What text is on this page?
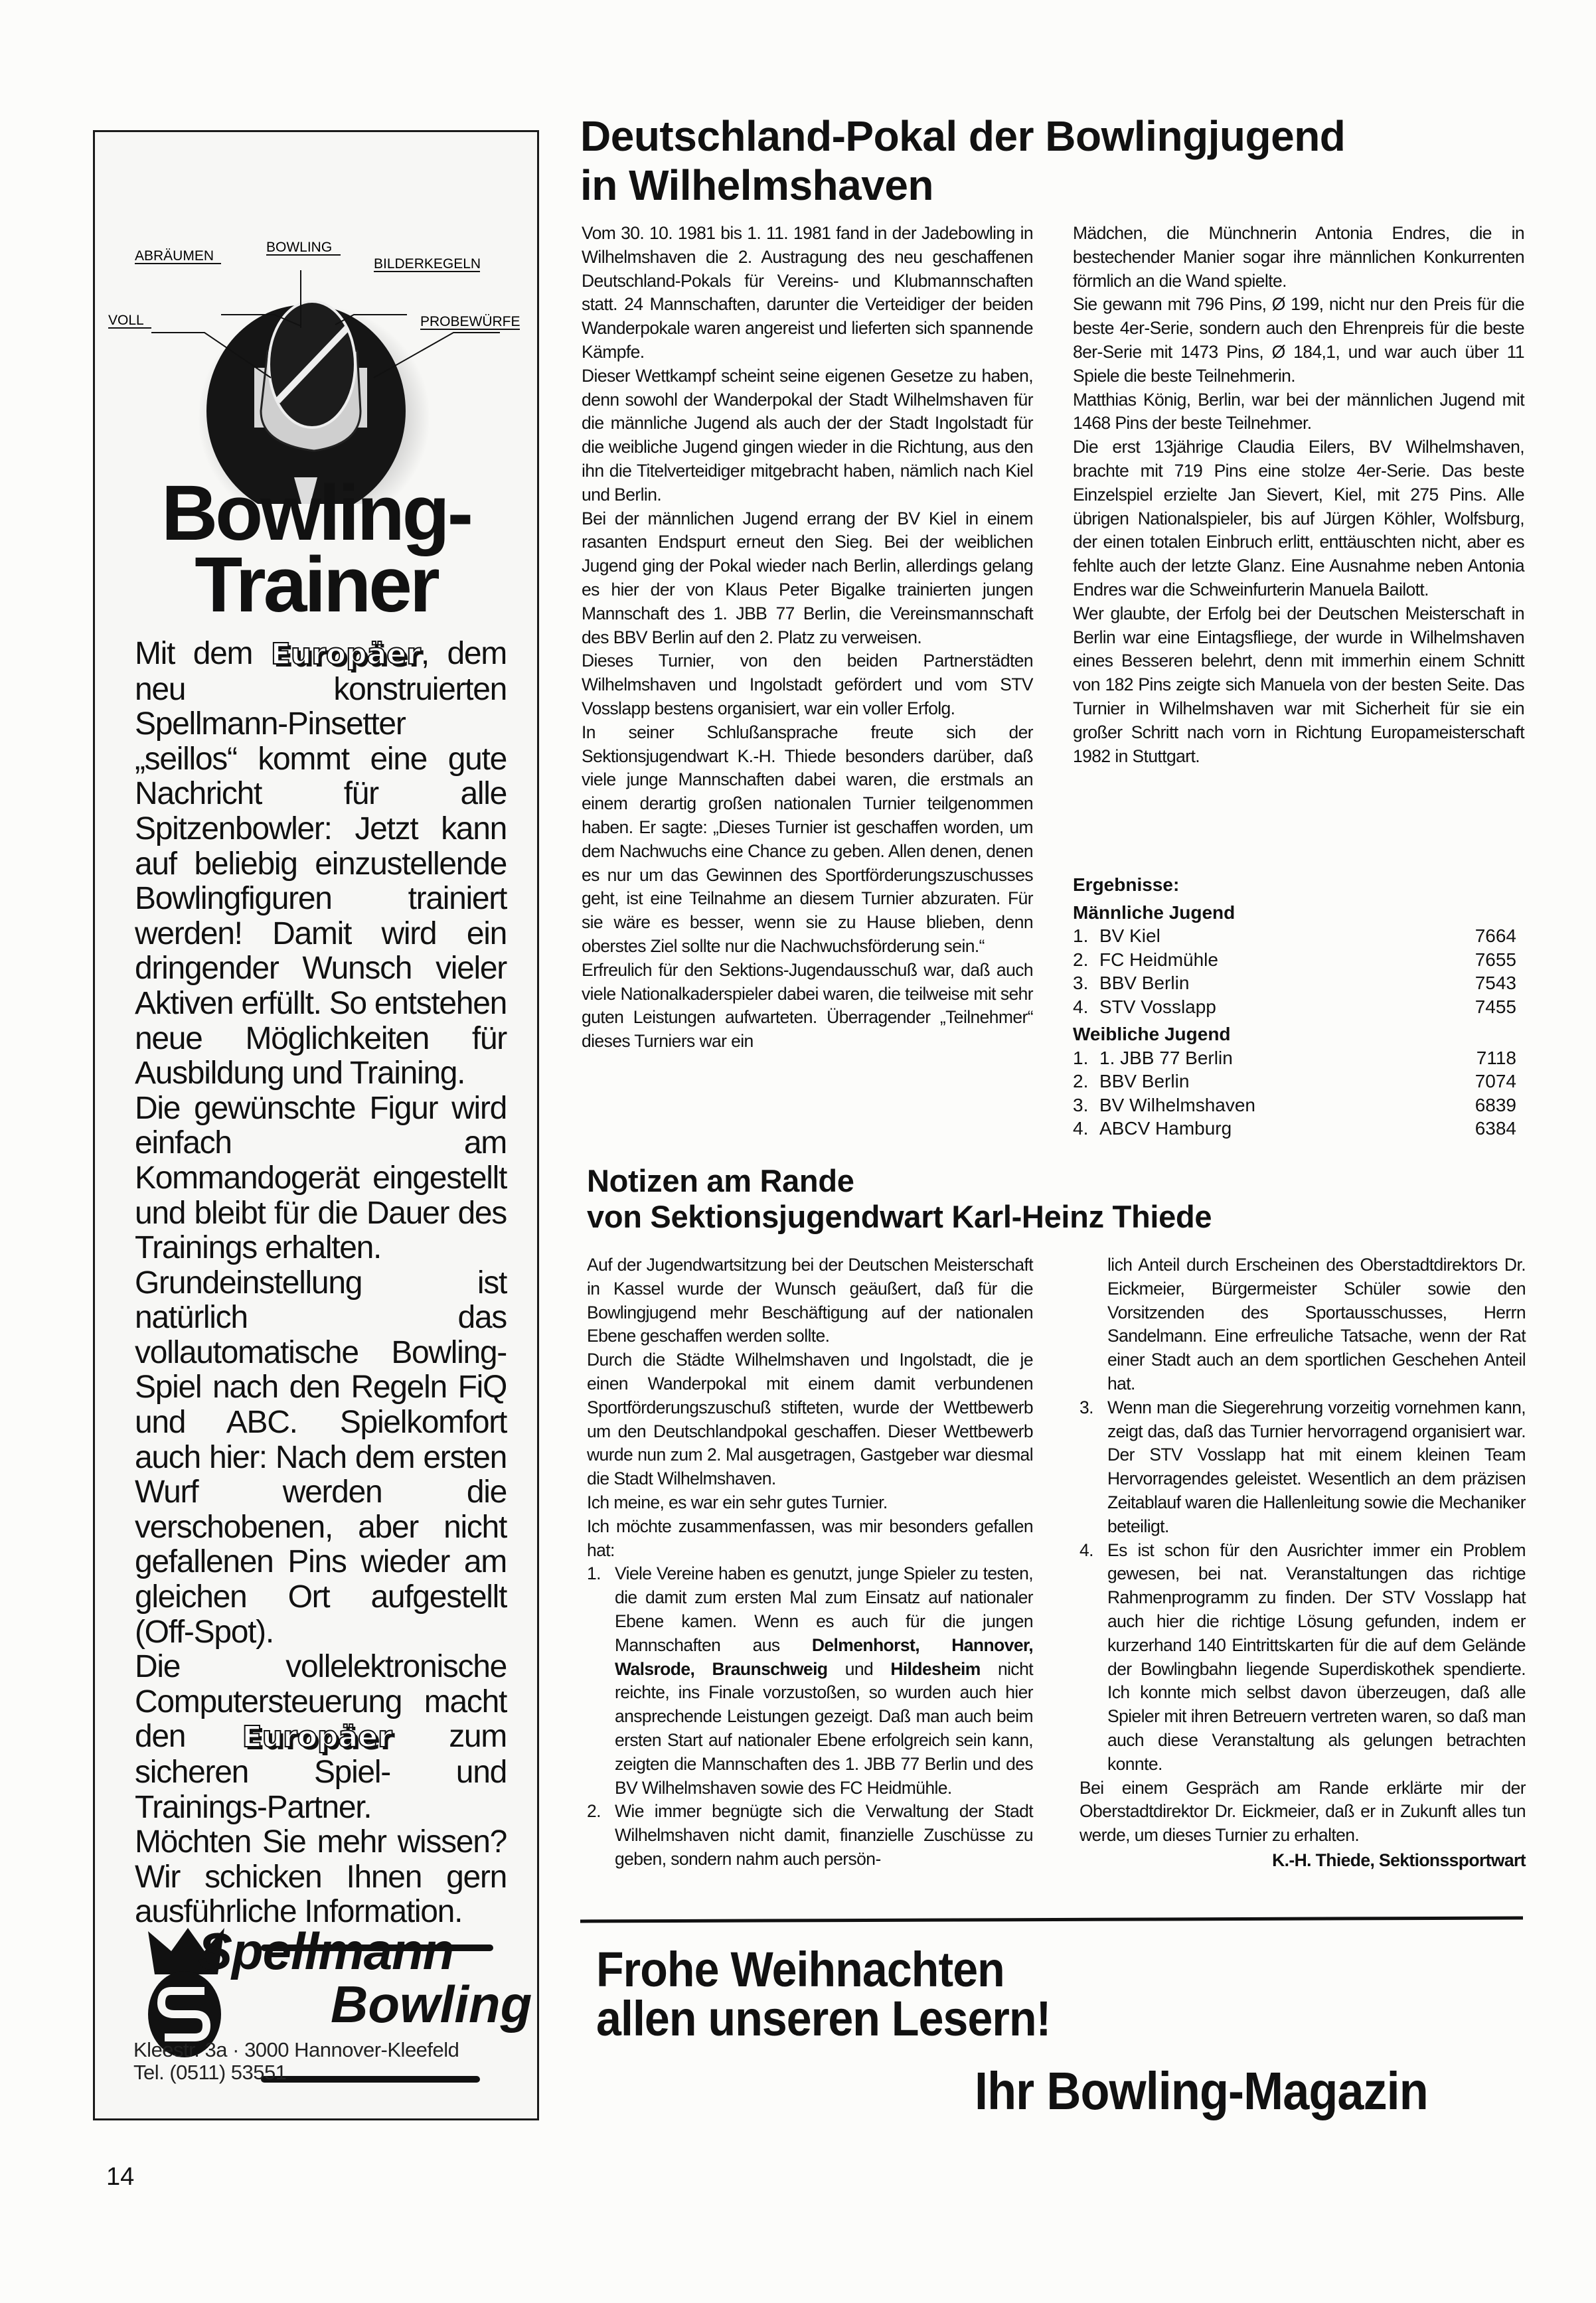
BOWLING
ABRÄUMEN
BILDERKEGELN
VOLL	PROBEWÜRFE
Bowling-
Trainer

Mit dem Europäer, dem neu konstruierten Spellmann-Pinsetter „seillos“ kommt eine gute Nachricht für alle Spitzenbowler: Jetzt kann auf beliebig einzustellende Bowlingfiguren trainiert werden! Damit wird ein dringender Wunsch vieler Aktiven erfüllt. So entstehen neue Möglichkeiten für Ausbildung und Training.

Die gewünschte Figur wird einfach am Kommandogerät eingestellt und bleibt für die Dauer des Trainings erhalten.

Grundeinstellung ist natürlich das vollautomatische Bowling-Spiel nach den Regeln FiQ und ABC. Spielkomfort auch hier: Nach dem ersten Wurf werden die verschobenen, aber nicht gefallenen Pins wieder am gleichen Ort aufgestellt (Off-Spot).

Die vollelektronische Computersteuerung macht den Europäer zum sicheren Spiel- und Trainings-Partner.

Möchten Sie mehr wissen? Wir schicken Ihnen gern ausführliche Information.

Spellmann
Bowling
Kleestr. 3a · 3000 Hannover-Kleefeld
Tel. (0511) 53551
14
Deutschland-Pokal der Bowlingjugend
in Wilhelmshaven

Vom 30. 10. 1981 bis 1. 11. 1981 fand in der Jadebowling in Wilhelmshaven die 2. Austragung des neu geschaffenen Deutschland-Pokals für Vereins- und Klubmannschaften statt. 24 Mannschaften, darunter die Verteidiger der beiden Wanderpokale waren angereist und lieferten sich spannende Kämpfe.

Dieser Wettkampf scheint seine eigenen Gesetze zu haben, denn sowohl der Wanderpokal der Stadt Wilhelmshaven für die männliche Jugend als auch der der Stadt Ingolstadt für die weibliche Jugend gingen wieder in die Richtung, aus den ihn die Titelverteidiger mitgebracht haben, nämlich nach Kiel und Berlin.

Bei der männlichen Jugend errang der BV Kiel in einem rasanten Endspurt erneut den Sieg. Bei der weiblichen Jugend ging der Pokal wieder nach Berlin, allerdings gelang es hier der von Klaus Peter Bigalke trainierten jungen Mannschaft des 1. JBB 77 Berlin, die Vereinsmannschaft des BBV Berlin auf den 2. Platz zu verweisen.

Dieses Turnier, von den beiden Partnerstädten Wilhelmshaven und Ingolstadt gefördert und vom STV Vosslapp bestens organisiert, war ein voller Erfolg.

In seiner Schlußansprache freute sich der Sektionsjugendwart K.-H. Thiede besonders darüber, daß viele junge Mannschaften dabei waren, die erstmals an einem derartig großen nationalen Turnier teilgenommen haben. Er sagte: „Dieses Turnier ist geschaffen worden, um dem Nachwuchs eine Chance zu geben. Allen denen, denen es nur um das Gewinnen des Sportförderungszuschusses geht, ist eine Teilnahme an diesem Turnier abzuraten. Für sie wäre es besser, wenn sie zu Hause blieben, denn oberstes Ziel sollte nur die Nachwuchsförderung sein.“

Erfreulich für den Sektions-Jugendausschuß war, daß auch viele Nationalkaderspieler dabei waren, die teilweise mit sehr guten Leistungen aufwarteten. Überragender „Teilnehmer“ dieses Turniers war ein

Mädchen, die Münchnerin Antonia Endres, die in bestechender Manier sogar ihre männlichen Konkurrenten förmlich an die Wand spielte.

Sie gewann mit 796 Pins, Ø 199, nicht nur den Preis für die beste 4er-Serie, sondern auch den Ehrenpreis für die beste 8er-Serie mit 1473 Pins, Ø 184,1, und war auch über 11 Spiele die beste Teilnehmerin.

Matthias König, Berlin, war bei der männlichen Jugend mit 1468 Pins der beste Teilnehmer.

Die erst 13jährige Claudia Eilers, BV Wilhelmshaven, brachte mit 719 Pins eine stolze 4er-Serie. Das beste Einzelspiel erzielte Jan Sievert, Kiel, mit 275 Pins. Alle übrigen Nationalspieler, bis auf Jürgen Köhler, Wolfsburg, der einen totalen Einbruch erlitt, enttäuschten nicht, aber es fehlte auch der letzte Glanz. Eine Ausnahme neben Antonia Endres war die Schweinfurterin Manuela Bailott.

Wer glaubte, der Erfolg bei der Deutschen Meisterschaft in Berlin war eine Eintagsfliege, der wurde in Wilhelmshaven eines Besseren belehrt, denn mit immerhin einem Schnitt von 182 Pins zeigte sich Manuela von der besten Seite. Das Turnier in Wilhelmshaven war mit Sicherheit für sie ein großer Schritt nach vorn in Richtung Europameisterschaft 1982 in Stuttgart.

Ergebnisse:
Männliche Jugend
1. BV Kiel	7664
2. FC Heidmühle	7655
3. BBV Berlin	7543
4. STV Vosslapp	7455
Weibliche Jugend
1. 1. JBB 77 Berlin	7118
2. BBV Berlin	7074
3. BV Wilhelmshaven	6839
4. ABCV Hamburg	6384
Notizen am Rande
von Sektionsjugendwart Karl-Heinz Thiede

Auf der Jugendwartsitzung bei der Deutschen Meisterschaft in Kassel wurde der Wunsch geäußert, daß für die Bowlingjugend mehr Beschäftigung auf der nationalen Ebene geschaffen werden sollte.

Durch die Städte Wilhelmshaven und Ingolstadt, die je einen Wanderpokal mit einem damit verbundenen Sportförderungszuschuß stifteten, wurde der Wettbewerb um den Deutschlandpokal geschaffen. Dieser Wettbewerb wurde nun zum 2. Mal ausgetragen, Gastgeber war diesmal die Stadt Wilhelmshaven.

Ich meine, es war ein sehr gutes Turnier.

Ich möchte zusammenfassen, was mir besonders gefallen hat:

1. Viele Vereine haben es genutzt, junge Spieler zu testen, die damit zum ersten Mal zum Einsatz auf nationaler Ebene kamen. Wenn es auch für die jungen Mannschaften aus Delmenhorst, Hannover, Walsrode, Braunschweig und Hildesheim nicht reichte, ins Finale vorzustoßen, so wurden auch hier ansprechende Leistungen gezeigt. Daß man auch beim ersten Start auf nationaler Ebene erfolgreich sein kann, zeigten die Mannschaften des 1. JBB 77 Berlin und des BV Wilhelmshaven sowie des FC Heidmühle.
2. Wie immer begnügte sich die Verwaltung der Stadt Wilhelmshaven nicht damit, finanzielle Zuschüsse zu geben, sondern nahm auch persön-

lich Anteil durch Erscheinen des Oberstadtdirektors Dr. Eickmeier, Bürgermeister Schüler sowie den Vorsitzenden des Sportausschusses, Herrn Sandelmann. Eine erfreuliche Tatsache, wenn der Rat einer Stadt auch an dem sportlichen Geschehen Anteil hat.

3. Wenn man die Siegerehrung vorzeitig vornehmen kann, zeigt das, daß das Turnier hervorragend organisiert war. Der STV Vosslapp hat mit einem kleinen Team Hervorragendes geleistet. Wesentlich an dem präzisen Zeitablauf waren die Hallenleitung sowie die Mechaniker beteiligt.
4. Es ist schon für den Ausrichter immer ein Problem gewesen, bei nat. Veranstaltungen das richtige Rahmenprogramm zu finden. Der STV Vosslapp hat auch hier die richtige Lösung gefunden, indem er kurzerhand 140 Eintrittskarten für die auf dem Gelände der Bowlingbahn liegende Superdiskothek spendierte. Ich konnte mich selbst davon überzeugen, daß alle Spieler mit ihren Betreuern vertreten waren, so daß man auch diese Veranstaltung als gelungen betrachten konnte.

Bei einem Gespräch am Rande erklärte mir der Oberstadtdirektor Dr. Eickmeier, daß er in Zukunft alles tun werde, um dieses Turnier zu erhalten.

K.-H. Thiede, Sektionssportwart

Frohe Weihnachten
allen unseren Lesern!
Ihr Bowling-Magazin
